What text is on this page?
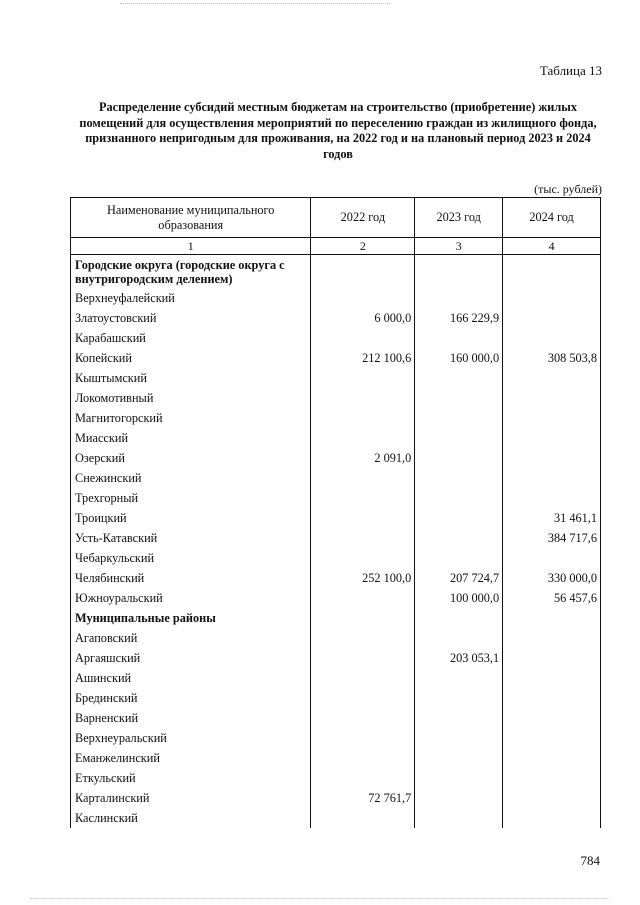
Таблица 13
Распределение субсидий местным бюджетам на строительство (приобретение) жилых помещений для осуществления мероприятий по переселению граждан из жилищного фонда, признанного непригодным для проживания, на 2022 год и на плановый период 2023 и 2024 годов
(тыс. рублей)
Наименование муниципального образования	2022 год	2023 год	2024 год
1	2	3	4
Городские округа (городские округа с внутригородским делением)			
Верхнеуфалейский			
Златоустовский	6 000,0	166 229,9	
Карабашский			
Копейский	212 100,6	160 000,0	308 503,8
Кыштымский			
Локомотивный			
Магнитогорский			
Миасский			
Озерский	2 091,0		
Снежинский			
Трехгорный			
Троицкий			31 461,1
Усть-Катавский			384 717,6
Чебаркульский			
Челябинский	252 100,0	207 724,7	330 000,0
Южноуральский		100 000,0	56 457,6
Муниципальные районы			
Агаповский			
Аргаяшский		203 053,1	
Ашинский			
Брединский			
Варненский			
Верхнеуральский			
Еманжелинский			
Еткульский			
Карталинский	72 761,7		
Каслинский			
784
